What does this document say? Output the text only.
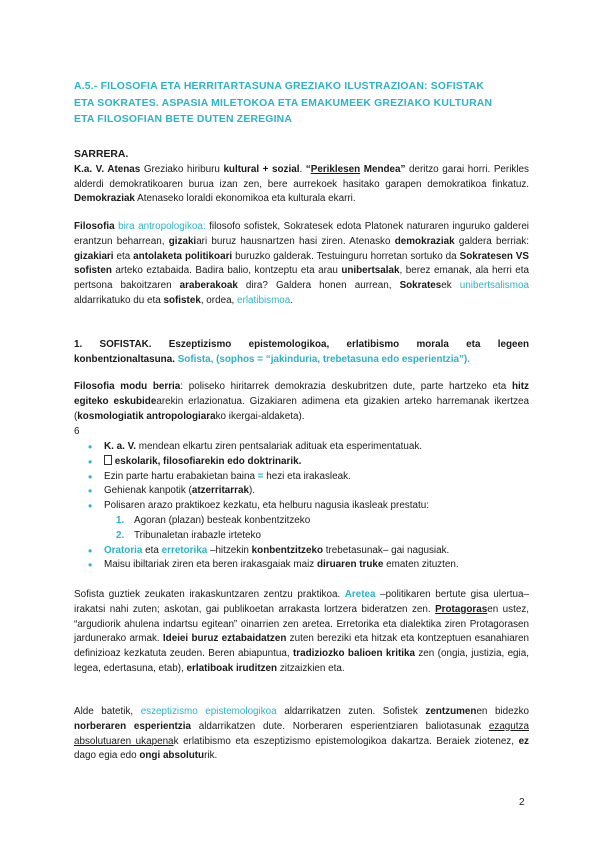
A.5.- FILOSOFIA ETA HERRITARTASUNA GREZIAKO ILUSTRAZIOAN: SOFISTAK
ETA SOKRATES. ASPASIA MILETOKOA ETA EMAKUMEEK GREZIAKO KULTURAN
ETA FILOSOFIAN BETE DUTEN ZEREGINA
SARRERA.
K.a. V. Atenas Greziako hiriburu kultural + sozial. “Periklesen Mendea” deritzo garai horri. Perikles alderdi demokratikoaren burua izan zen, bere aurrekoek hasitako garapen demokratikoa finkatuz. Demokraziak Atenaseko loraldi ekonomikoa eta kulturala ekarri.
Filosofia bira antropologikoa: filosofo sofistek, Sokratesek edota Platonek naturaren inguruko galderei erantzun beharrean, gizakiari buruz hausnartzen hasi ziren. Atenasko demokraziak galdera berriak: gizakiari eta antolaketa politikoari buruzko galderak. Testuinguru horretan sortuko da Sokratesen VS sofisten arteko eztabaida. Badira balio, kontzeptu eta arau unibertsalak, berez emanak, ala herri eta pertsona bakoitzaren araberakoak dira? Galdera honen aurrean, Sokratesek unibertsalismoa aldarrikatuko du eta sofistek, ordea, erlatibismoa.
1. SOFISTAK. Eszeptizismo epistemologikoa, erlatibismo morala eta legeen konbentzionaltasuna. Sofista, (sophos = “jakinduria, trebetasuna edo esperientzia”).
Filosofia modu berria: poliseko hiritarrek demokrazia deskubritzen dute, parte hartzeko eta hitz egiteko eskubidearekin erlazionatua. Gizakiaren adimena eta gizakien arteko harremanak ikertzea (kosmologiatik antropologiarako ikergai-aldaketa).
6
• K. a. V. mendean elkartu ziren pentsalariak adituak eta esperimentatuak.
• eskolarik, filosofiarekin edo doktrinarik.
• Ezin parte hartu erabakietan baina = hezi eta irakasleak.
• Gehienak kanpotik (atzerritarrak).
• Polisaren arazo praktikoez kezkatu, eta helburu nagusia ikasleak prestatu:
1. Agoran (plazan) besteak konbentzitzeko
2. Tribunaletan irabazle irteteko
• Oratoria eta erretorika –hitzekin konbentzitzeko trebetasunak– gai nagusiak.
• Maisu ibiltariak ziren eta beren irakasgaiak maiz diruaren truke ematen zituzten.
Sofista guztiek zeukaten irakaskuntzaren zentzu praktikoa. Aretea –politikaren bertute gisa ulertua– irakatsi nahi zuten; askotan, gai publikoetan arrakasta lortzera bideratzen zen. Protagorasen ustez, “argudiorik ahulena indartsu egitean” oinarrien zen aretea. Erretorika eta dialektika ziren Protagorasen jardunerako armak. Ideiei buruz eztabaidatzen zuten bereziki eta hitzak eta kontzeptuen esanahiaren definizioaz kezkatuta zeuden. Beren abiapuntua, tradiziozko balioen kritika zen (ongia, justizia, egia, legea, edertasuna, etab), erlatiboak iruditzen zitzaizkien eta.
Alde batetik, eszeptizismo epistemologikoa aldarrikatzen zuten. Sofistek zentzumenen bidezko norberaren esperientzia aldarrikatzen dute. Norberaren esperientziaren baliotasunak ezagutza absolutuaren ukapenak erlatibismo eta eszeptizismo epistemologikoa dakartza. Beraiek ziotenez, ez dago egia edo ongi absoluturik.
2
